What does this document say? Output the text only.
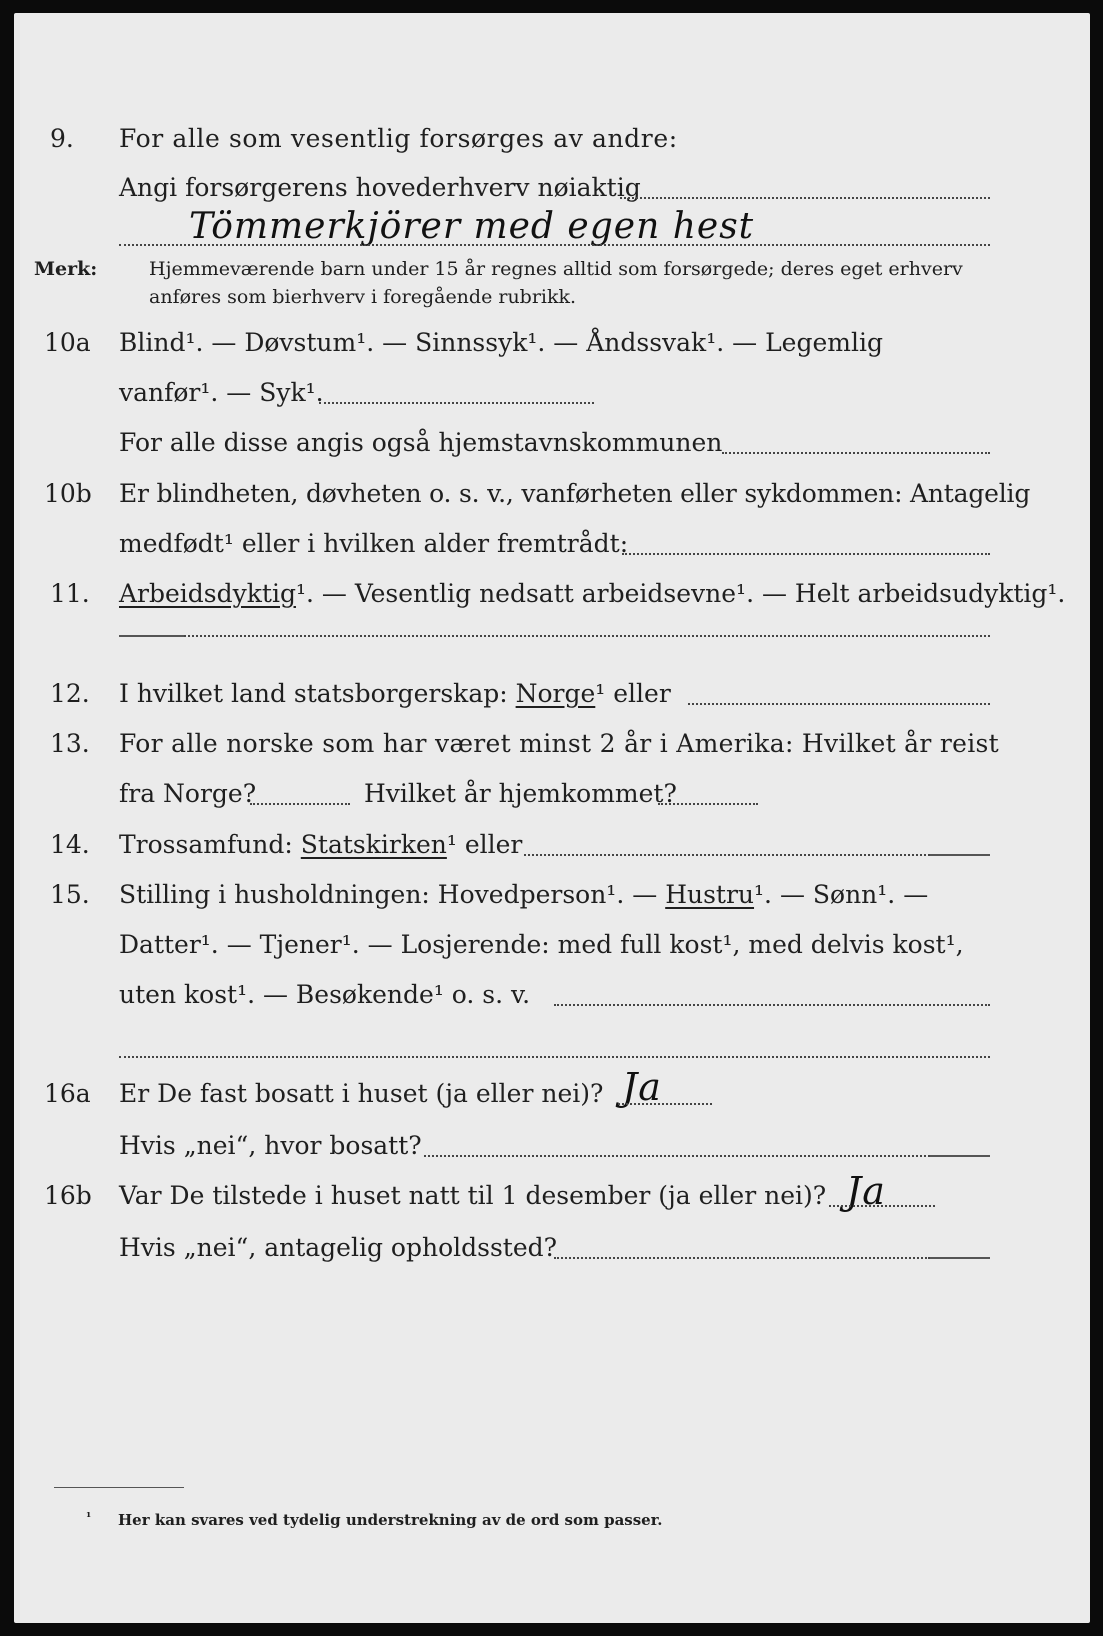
9. For alle som vesentlig forsørges av andre:
Angi forsørgerens hovederhverv nøiaktig
Tömmerkjörer med egen hest
Merk:	Hjemmeværende barn under 15 år regnes alltid som forsørgede; deres eget erhverv
anføres som bierhverv i foregående rubrikk.
10a Blind¹. — Døvstum¹. — Sinnssyk¹. — Åndssvak¹. — Legemlig
vanfør¹. — Syk¹.
For alle disse angis også hjemstavnskommunen
10b Er blindheten, døvheten o. s. v., vanførheten eller sykdommen: Antagelig
medfødt¹ eller i hvilken alder fremtrådt:
11. Arbeidsdyktig¹. — Vesentlig nedsatt arbeidsevne¹. — Helt arbeidsudyktig¹.
12. I hvilket land statsborgerskap: Norge¹ eller
13. For alle norske som har været minst 2 år i Amerika: Hvilket år reist
fra Norge?	Hvilket år hjemkommet?
14. Trossamfund: Statskirken¹ eller
15. Stilling i husholdningen: Hovedperson¹. — Hustru¹. — Sønn¹. —
Datter¹. — Tjener¹. — Losjerende: med full kost¹, med delvis kost¹,
uten kost¹. — Besøkende¹ o. s. v.
16a Er De fast bosatt i huset (ja eller nei)? Ja
Hvis „nei“, hvor bosatt?
16b Var De tilstede i huset natt til 1 desember (ja eller nei)? Ja
Hvis „nei“, antagelig opholdssted?
¹ Her kan svares ved tydelig understrekning av de ord som passer.
